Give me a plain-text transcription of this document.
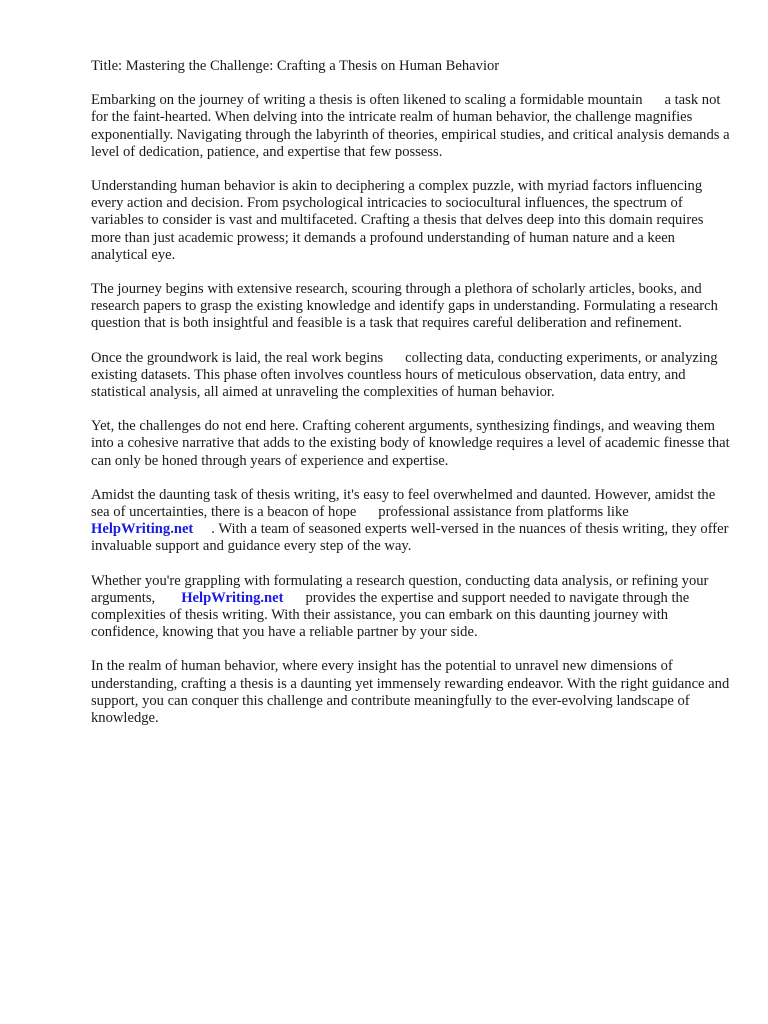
Title: Mastering the Challenge: Crafting a Thesis on Human Behavior

Embarking on the journey of writing a thesis is often likened to scaling a formidable mountain   a task not for the faint-hearted. When delving into the intricate realm of human behavior, the challenge magnifies exponentially. Navigating through the labyrinth of theories, empirical studies, and critical analysis demands a level of dedication, patience, and expertise that few possess.

Understanding human behavior is akin to deciphering a complex puzzle, with myriad factors influencing every action and decision. From psychological intricacies to sociocultural influences, the spectrum of variables to consider is vast and multifaceted. Crafting a thesis that delves deep into this domain requires more than just academic prowess; it demands a profound understanding of human nature and a keen analytical eye.

The journey begins with extensive research, scouring through a plethora of scholarly articles, books, and research papers to grasp the existing knowledge and identify gaps in understanding. Formulating a research question that is both insightful and feasible is a task that requires careful deliberation and refinement.

Once the groundwork is laid, the real work begins   collecting data, conducting experiments, or analyzing existing datasets. This phase often involves countless hours of meticulous observation, data entry, and statistical analysis, all aimed at unraveling the complexities of human behavior.

Yet, the challenges do not end here. Crafting coherent arguments, synthesizing findings, and weaving them into a cohesive narrative that adds to the existing body of knowledge requires a level of academic finesse that can only be honed through years of experience and expertise.

Amidst the daunting task of thesis writing, it's easy to feel overwhelmed and daunted. However, amidst the sea of uncertainties, there is a beacon of hope   professional assistance from platforms likeHelpWriting.net . With a team of seasoned experts well-versed in the nuances of thesis writing, they offer invaluable support and guidance every step of the way.

Whether you're grappling with formulating a research question, conducting data analysis, or refining your arguments, HelpWriting.net provides the expertise and support needed to navigate through the complexities of thesis writing. With their assistance, you can embark on this daunting journey with confidence, knowing that you have a reliable partner by your side.

In the realm of human behavior, where every insight has the potential to unravel new dimensions of understanding, crafting a thesis is a daunting yet immensely rewarding endeavor. With the right guidance and support, you can conquer this challenge and contribute meaningfully to the ever-evolving landscape of knowledge.
